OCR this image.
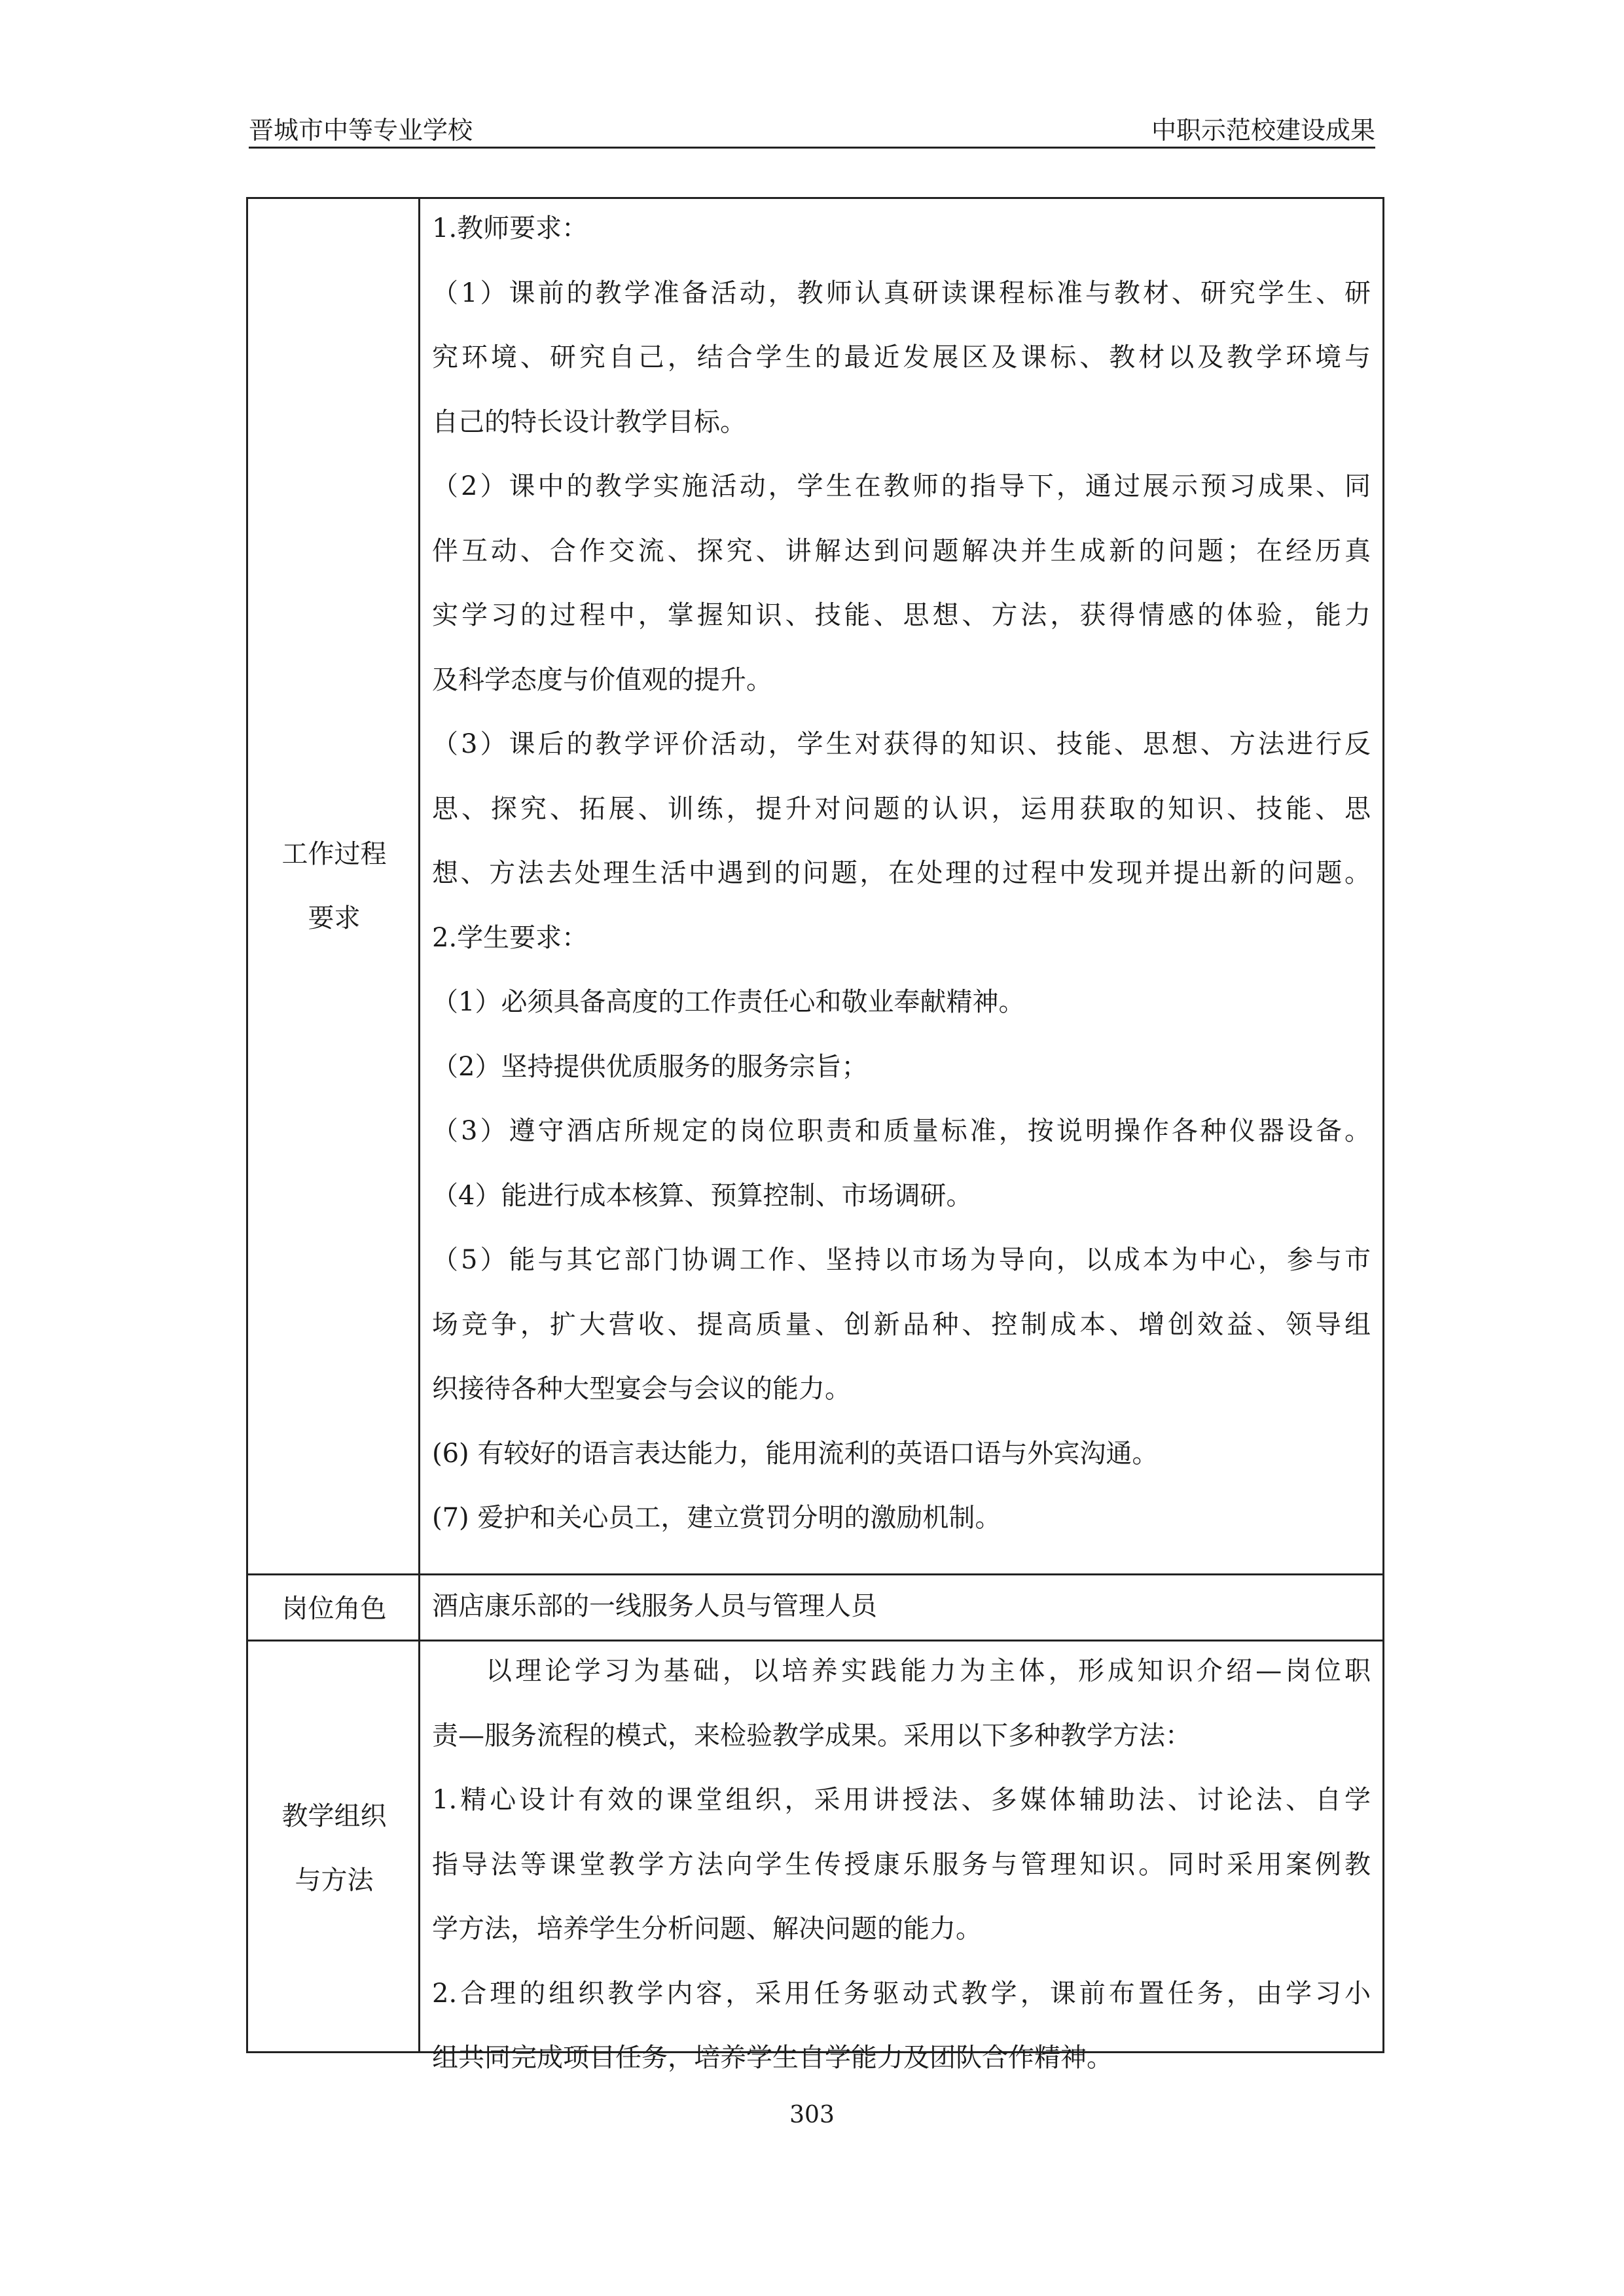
晋城市中等专业学校	中职示范校建设成果
工作过程
要求
1.教师要求：
（1）课前的教学准备活动，教师认真研读课程标准与教材、研究学生、研
究环境、研究自己，结合学生的最近发展区及课标、教材以及教学环境与
自己的特长设计教学目标。
（2）课中的教学实施活动，学生在教师的指导下，通过展示预习成果、同
伴互动、合作交流、探究、讲解达到问题解决并生成新的问题；在经历真
实学习的过程中，掌握知识、技能、思想、方法，获得情感的体验，能力
及科学态度与价值观的提升。
（3）课后的教学评价活动，学生对获得的知识、技能、思想、方法进行反
思、探究、拓展、训练，提升对问题的认识，运用获取的知识、技能、思
想、方法去处理生活中遇到的问题，在处理的过程中发现并提出新的问题。
2.学生要求：
（1）必须具备高度的工作责任心和敬业奉献精神。
（2）坚持提供优质服务的服务宗旨；
（3）遵守酒店所规定的岗位职责和质量标准，按说明操作各种仪器设备。
（4）能进行成本核算、预算控制、市场调研。
（5）能与其它部门协调工作、坚持以市场为导向，以成本为中心，参与市
场竞争，扩大营收、提高质量、创新品种、控制成本、增创效益、领导组
织接待各种大型宴会与会议的能力。
(6) 有较好的语言表达能力，能用流利的英语口语与外宾沟通。
(7) 爱护和关心员工，建立赏罚分明的激励机制。
岗位角色	酒店康乐部的一线服务人员与管理人员
教学组织
与方法
以理论学习为基础，以培养实践能力为主体，形成知识介绍—岗位职
责—服务流程的模式，来检验教学成果。采用以下多种教学方法：
1.精心设计有效的课堂组织，采用讲授法、多媒体辅助法、讨论法、自学
指导法等课堂教学方法向学生传授康乐服务与管理知识。同时采用案例教
学方法，培养学生分析问题、解决问题的能力。
2.合理的组织教学内容，采用任务驱动式教学，课前布置任务，由学习小
组共同完成项目任务，培养学生自学能力及团队合作精神。
303
